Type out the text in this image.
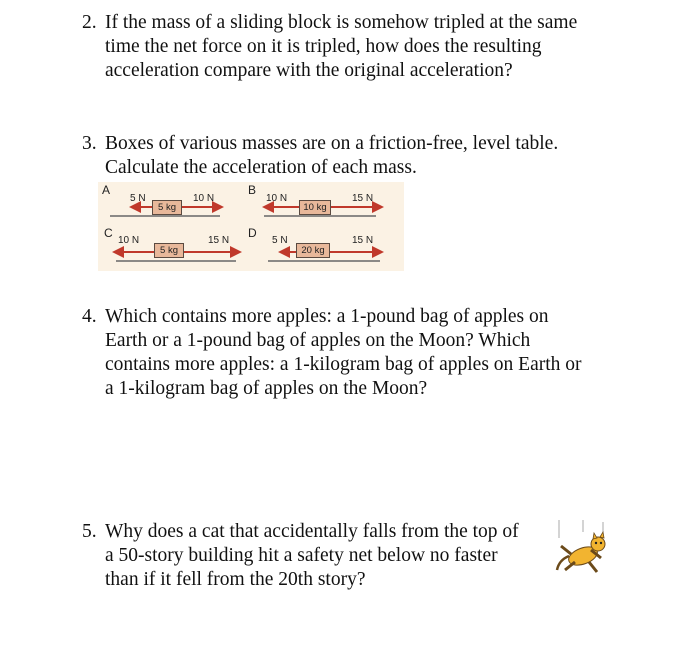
2. If the mass of a sliding block is somehow tripled at the same
time the net force on it is tripled, how does the resulting
acceleration compare with the original acceleration?
3. Boxes of various masses are on a friction-free, level table.
Calculate the acceleration of each mass.
A
5 N
5 kg
10 N
B
10 N
10 kg
15 N
C
10 N
5 kg
15 N
D
5 N
20 kg
15 N
4. Which contains more apples: a 1-pound bag of apples on
Earth or a 1-pound bag of apples on the Moon? Which
contains more apples: a 1-kilogram bag of apples on Earth or
a 1-kilogram bag of apples on the Moon?
5. Why does a cat that accidentally falls from the top of
a 50-story building hit a safety net below no faster
than if it fell from the 20th story?
